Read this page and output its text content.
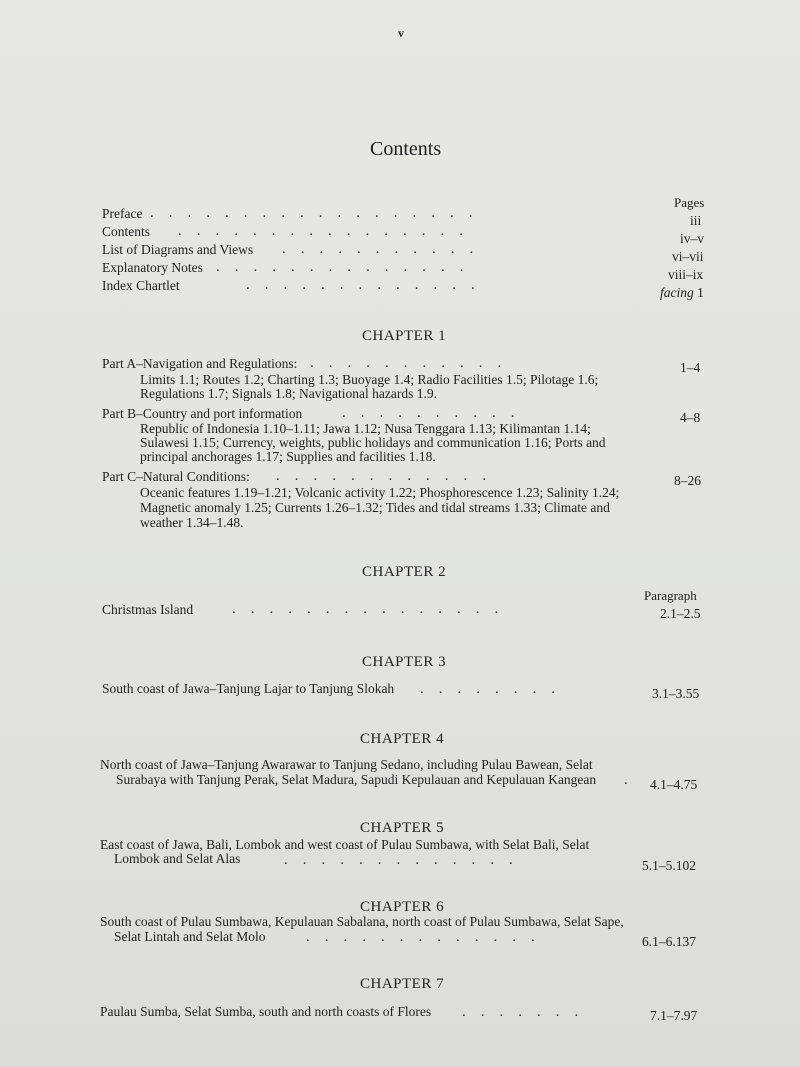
v
Contents
Pages
Preface ..................	iii
Contents ................	iv–v
List of Diagrams and Views ...........	vi–vii
Explanatory Notes ..............	viii–ix
Index Chartlet	.............	facing 1
CHAPTER 1
Part A–Navigation and Regulations: ...........	1–4
Limits 1.1; Routes 1.2; Charting 1.3; Buoyage 1.4; Radio Facilities 1.5; Pilotage 1.6;
Regulations 1.7; Signals 1.8; Navigational hazards 1.9.
Part B–Country and port information	..........	4–8
Republic of Indonesia 1.10–1.11; Jawa 1.12; Nusa Tenggara 1.13; Kilimantan 1.14;
Sulawesi 1.15; Currency, weights, public holidays and communication 1.16; Ports and
principal anchorages 1.17; Supplies and facilities 1.18.
Part C–Natural Conditions: ............	8–26
Oceanic features 1.19–1.21; Volcanic activity 1.22; Phosphorescence 1.23; Salinity 1.24;
Magnetic anomaly 1.25; Currents 1.26–1.32; Tides and tidal streams 1.33; Climate and
weather 1.34–1.48.
CHAPTER 2
Paragraph
Christmas Island	...............	2.1–2.5
CHAPTER 3
South coast of Jawa–Tanjung Lajar to Tanjung Slokah ........	3.1–3.55
CHAPTER 4
North coast of Jawa–Tanjung Awarawar to Tanjung Sedano, including Pulau Bawean, Selat
Surabaya with Tanjung Perak, Selat Madura, Sapudi Kepulauan and Kepulauan Kangean . 4.1–4.75
CHAPTER 5
East coast of Jawa, Bali, Lombok and west coast of Pulau Sumbawa, with Selat Bali, Selat
Lombok and Selat Alas	.............	5.1–5.102
CHAPTER 6
South coast of Pulau Sumbawa, Kepulauan Sabalana, north coast of Pulau Sumbawa, Selat Sape,
Selat Lintah and Selat Molo	.............	6.1–6.137
CHAPTER 7
Paulau Sumba, Selat Sumba, south and north coasts of Flores .......	7.1–7.97
